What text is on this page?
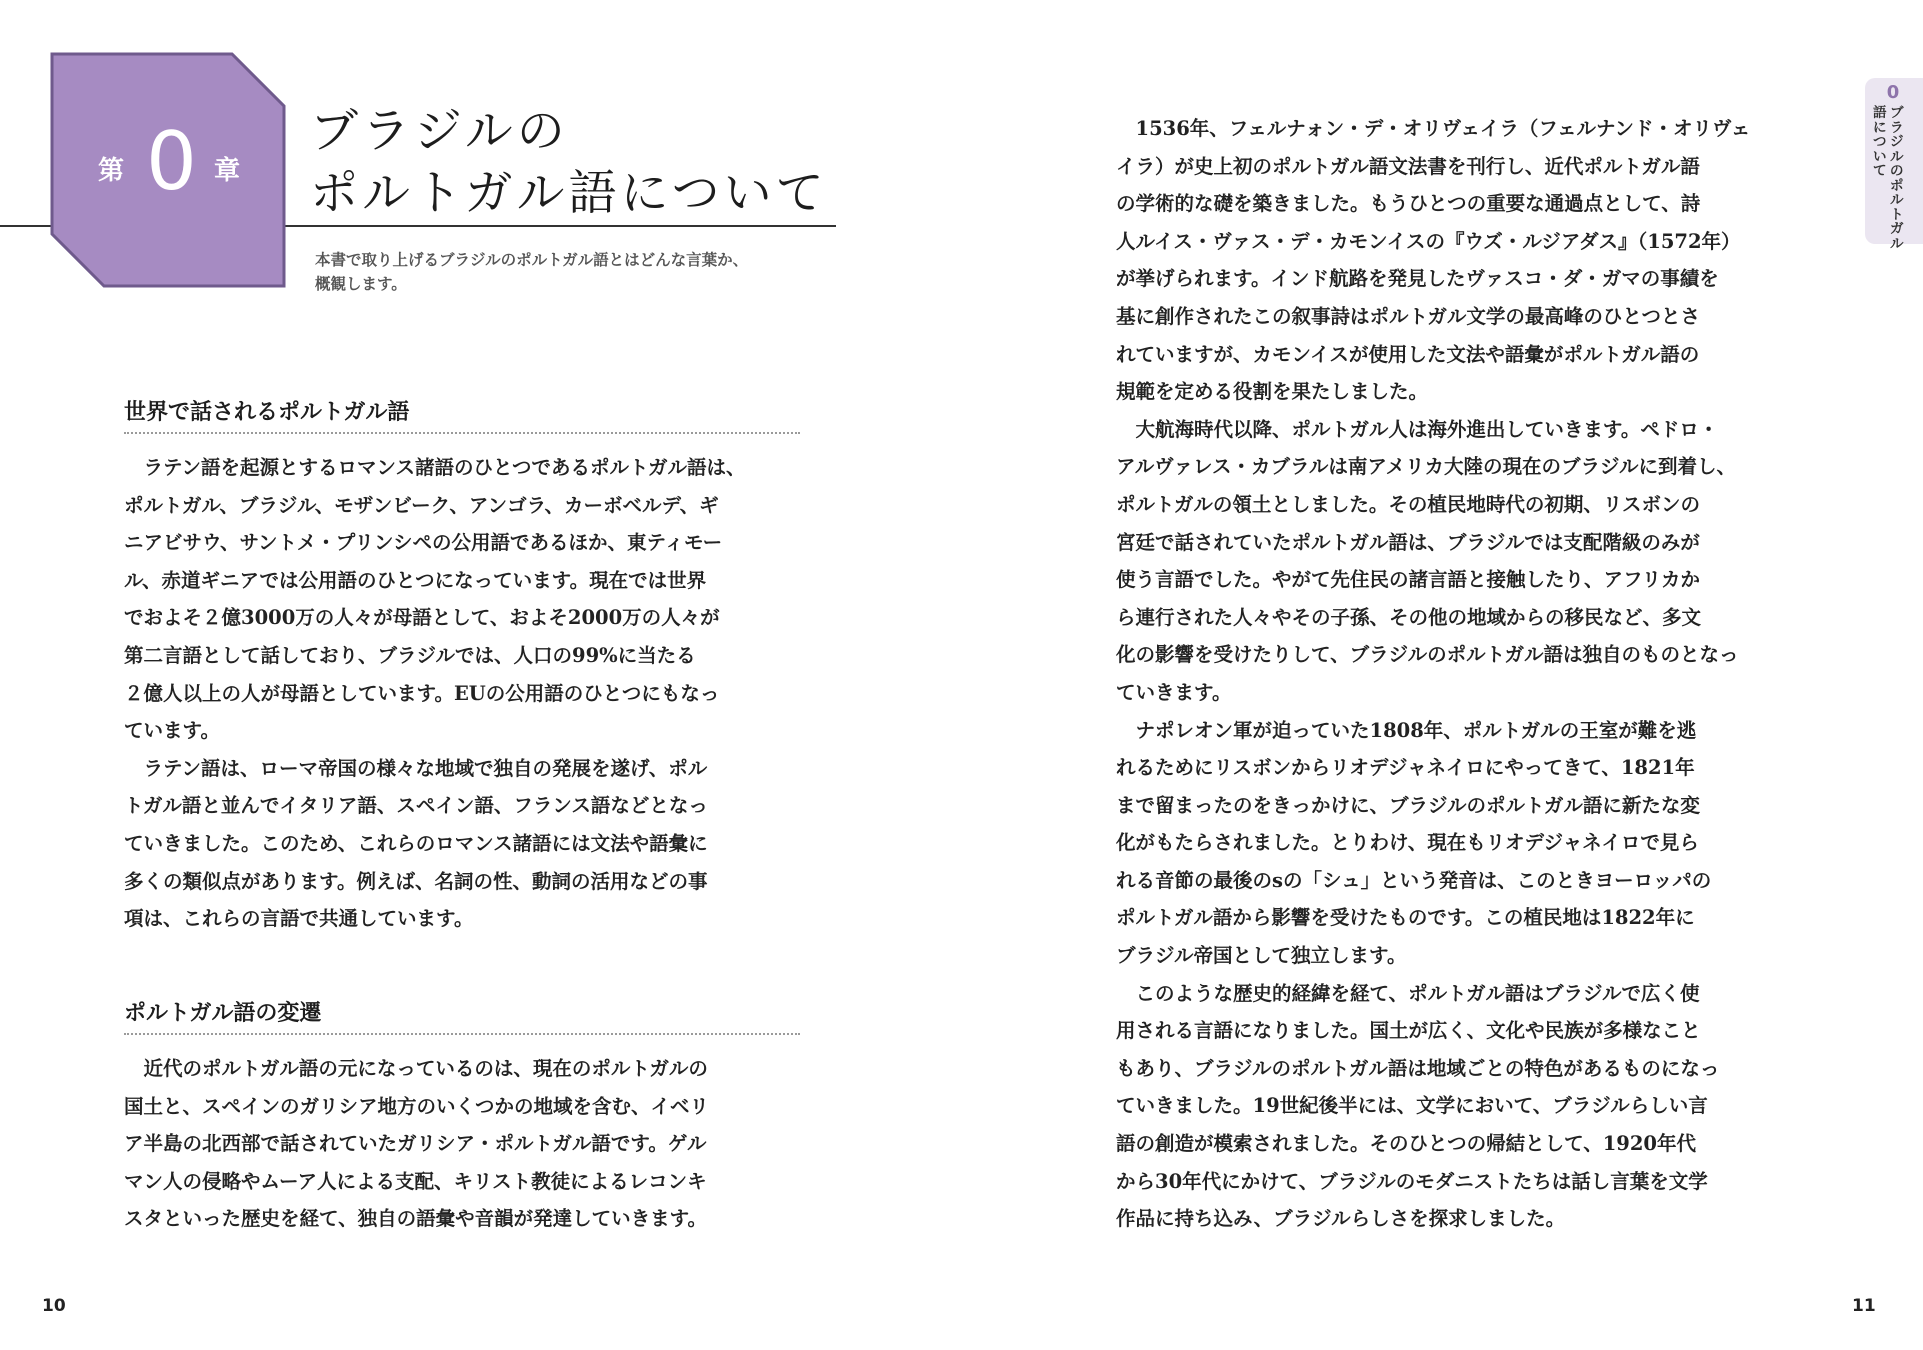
第 0 章
ブラジルの
ポルトガル語について
本書で取り上げるブラジルのポルトガル語とはどんな言葉か、
概観します。
世界で話されるポルトガル語
　ラテン語を起源とするロマンス諸語のひとつであるポルトガル語は、
ポルトガル、ブラジル、モザンビーク、アンゴラ、カーボベルデ、ギ
ニアビサウ、サントメ・プリンシペの公用語であるほか、東ティモー
ル、赤道ギニアでは公用語のひとつになっています。現在では世界
でおよそ２億3000万の人々が母語として、およそ2000万の人々が
第二言語として話しており、ブラジルでは、人口の99%に当たる
２億人以上の人が母語としています。EUの公用語のひとつにもなっ
ています。
　ラテン語は、ローマ帝国の様々な地域で独自の発展を遂げ、ポル
トガル語と並んでイタリア語、スペイン語、フランス語などとなっ
ていきました。このため、これらのロマンス諸語には文法や語彙に
多くの類似点があります。例えば、名詞の性、動詞の活用などの事
項は、これらの言語で共通しています。
ポルトガル語の変遷
　近代のポルトガル語の元になっているのは、現在のポルトガルの
国土と、スペインのガリシア地方のいくつかの地域を含む、イベリ
ア半島の北西部で話されていたガリシア・ポルトガル語です。ゲル
マン人の侵略やムーア人による支配、キリスト教徒によるレコンキ
スタといった歴史を経て、独自の語彙や音韻が発達していきます。
10
　1536年、フェルナォン・デ・オリヴェイラ（フェルナンド・オリヴェ
イラ）が史上初のポルトガル語文法書を刊行し、近代ポルトガル語
の学術的な礎を築きました。もうひとつの重要な通過点として、詩
人ルイス・ヴァス・デ・カモンイスの『ウズ・ルジアダス』（1572年）
が挙げられます。インド航路を発見したヴァスコ・ダ・ガマの事績を
基に創作されたこの叙事詩はポルトガル文学の最高峰のひとつとさ
れていますが、カモンイスが使用した文法や語彙がポルトガル語の
規範を定める役割を果たしました。
　大航海時代以降、ポルトガル人は海外進出していきます。ペドロ・
アルヴァレス・カブラルは南アメリカ大陸の現在のブラジルに到着し、
ポルトガルの領土としました。その植民地時代の初期、リスボンの
宮廷で話されていたポルトガル語は、ブラジルでは支配階級のみが
使う言語でした。やがて先住民の諸言語と接触したり、アフリカか
ら連行された人々やその子孫、その他の地域からの移民など、多文
化の影響を受けたりして、ブラジルのポルトガル語は独自のものとなっ
ていきます。
　ナポレオン軍が迫っていた1808年、ポルトガルの王室が難を逃
れるためにリスボンからリオデジャネイロにやってきて、1821年
まで留まったのをきっかけに、ブラジルのポルトガル語に新たな変
化がもたらされました。とりわけ、現在もリオデジャネイロで見ら
れる音節の最後のsの「シュ」という発音は、このときヨーロッパの
ポルトガル語から影響を受けたものです。この植民地は1822年に
ブラジル帝国として独立します。
　このような歴史的経緯を経て、ポルトガル語はブラジルで広く使
用される言語になりました。国土が広く、文化や民族が多様なこと
もあり、ブラジルのポルトガル語は地域ごとの特色があるものになっ
ていきました。19世紀後半には、文学において、ブラジルらしい言
語の創造が模索されました。そのひとつの帰結として、1920年代
から30年代にかけて、ブラジルのモダニストたちは話し言葉を文学
作品に持ち込み、ブラジルらしさを探求しました。
0
ブラジルのポルトガル
語について
11
